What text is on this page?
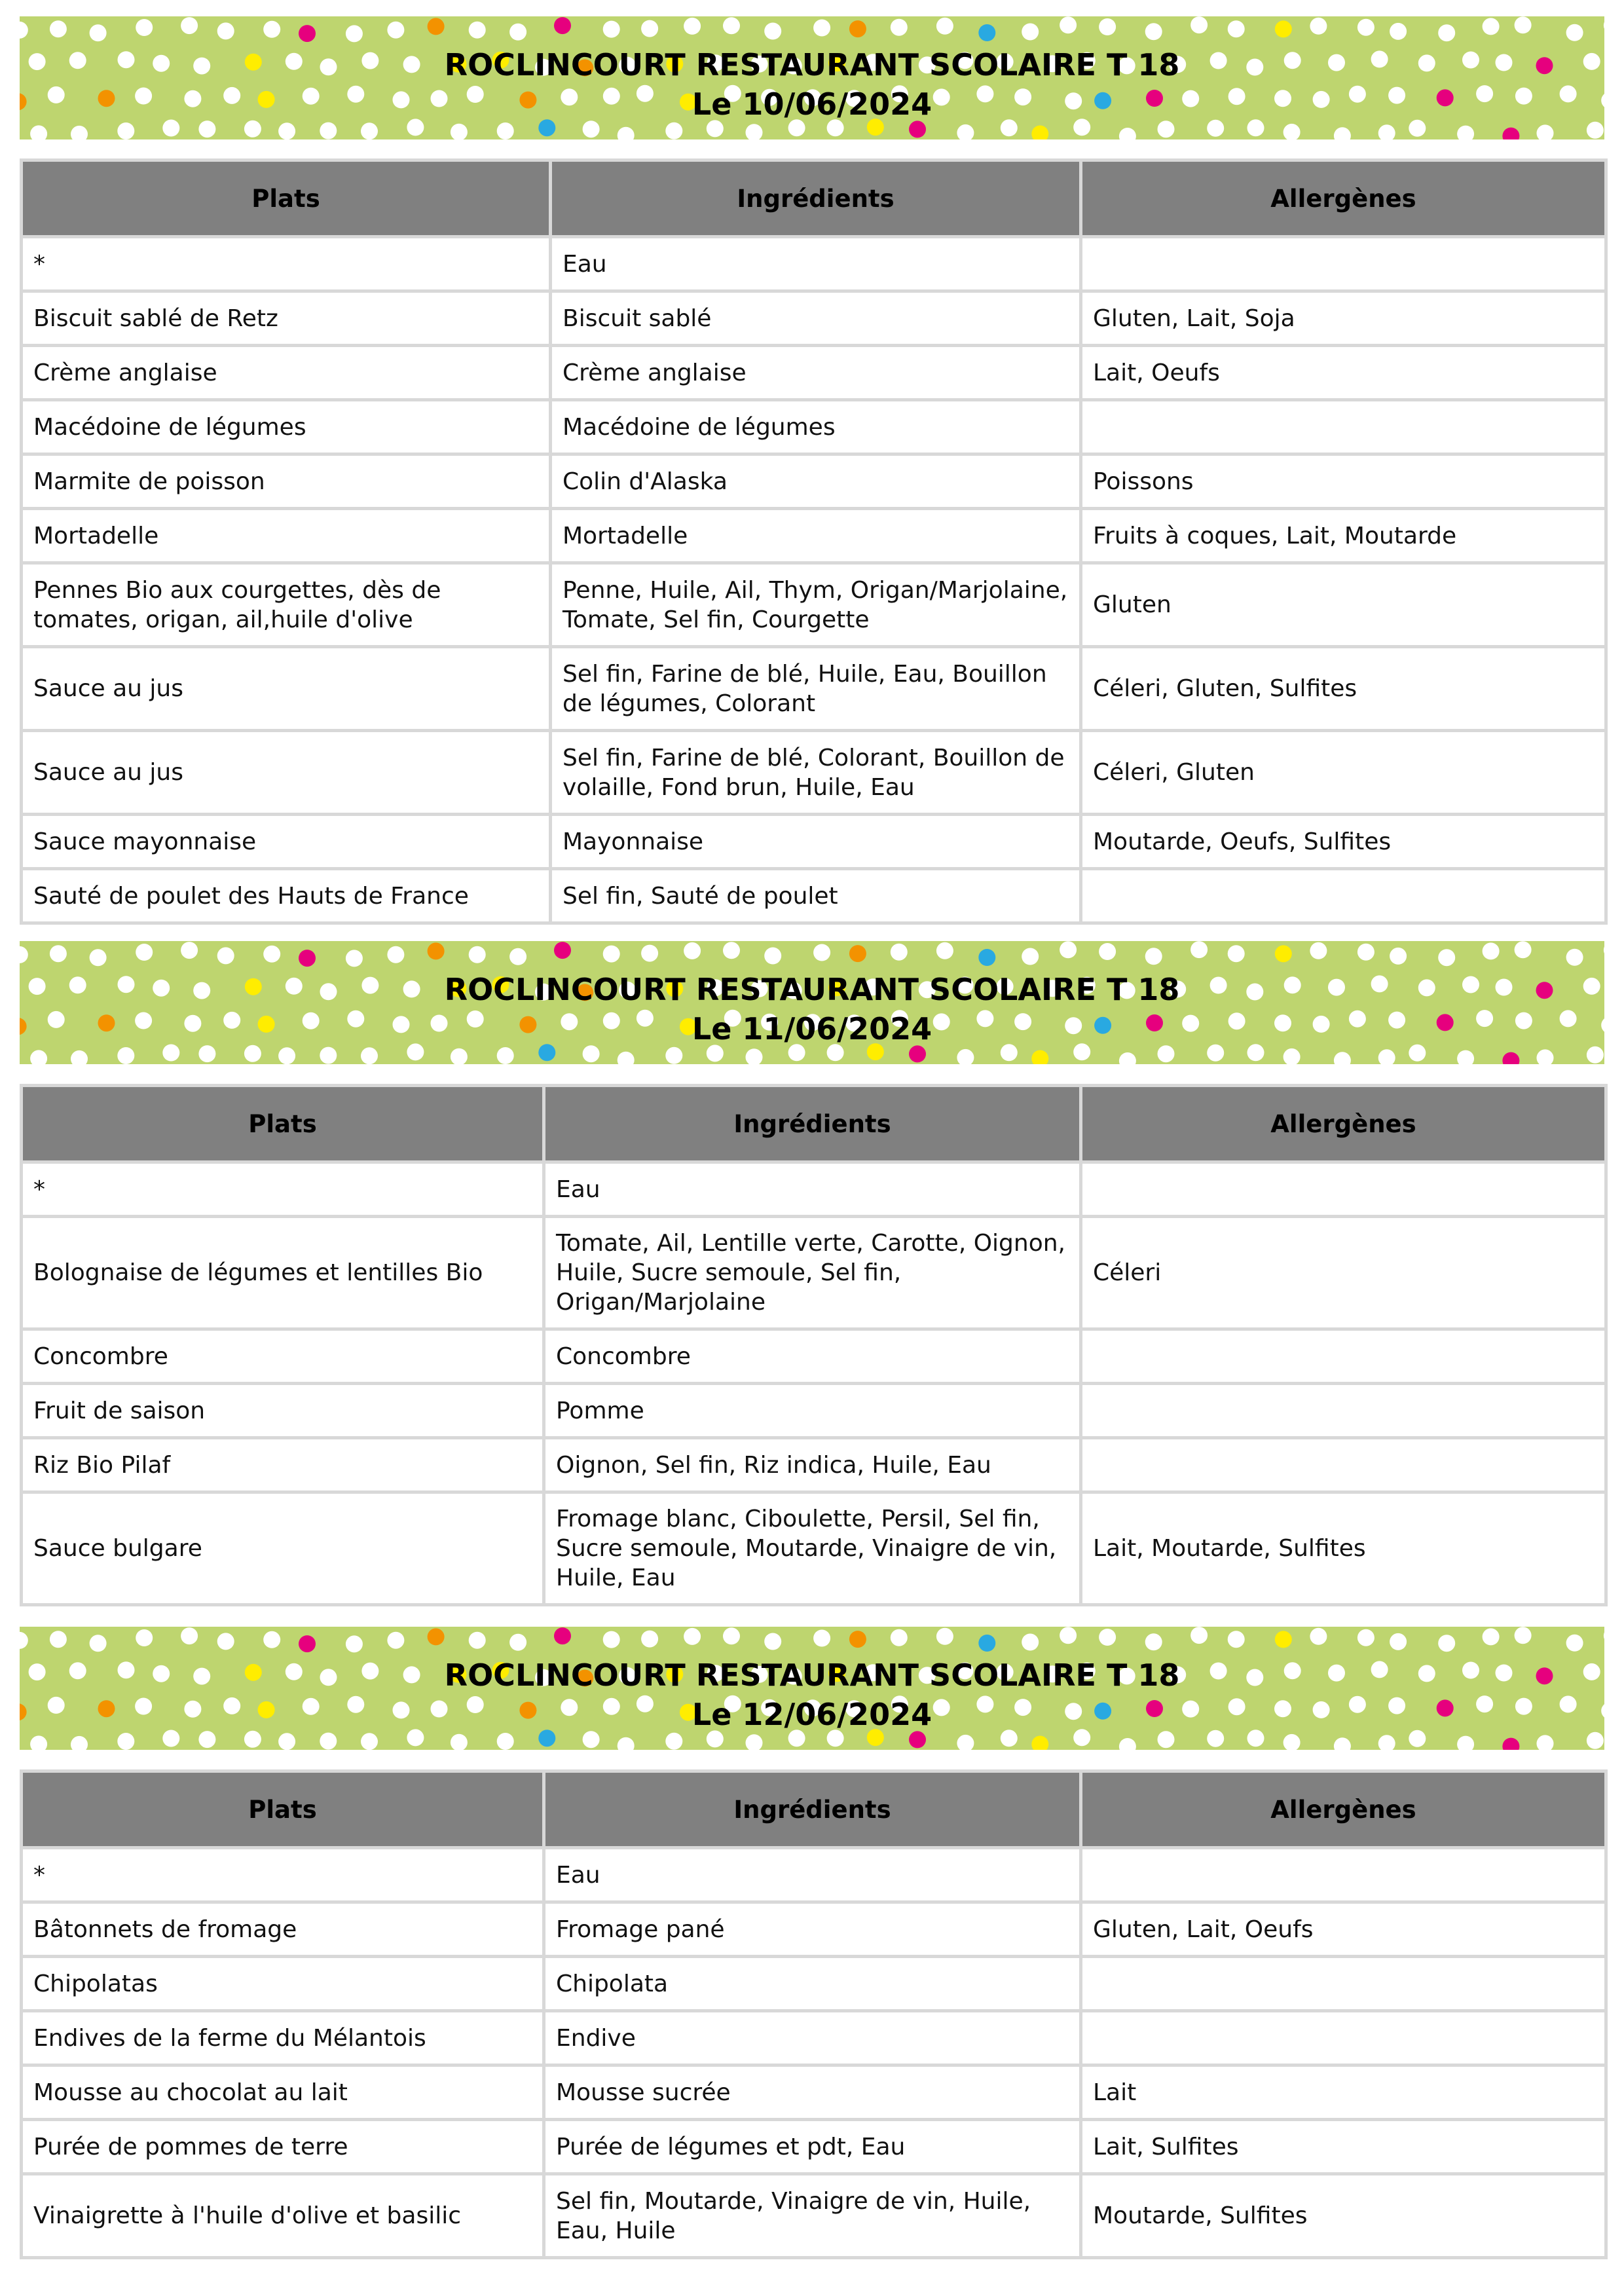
ROCLINCOURT RESTAURANT SCOLAIRE T 18
Le 10/06/2024
Plats	Ingrédients	Allergènes
*	Eau	
Biscuit sablé de Retz	Biscuit sablé	Gluten, Lait, Soja
Crème anglaise	Crème anglaise	Lait, Oeufs
Macédoine de légumes	Macédoine de légumes	
Marmite de poisson	Colin d'Alaska	Poissons
Mortadelle	Mortadelle	Fruits à coques, Lait, Moutarde
Pennes Bio aux courgettes, dès de tomates, origan, ail,huile d'olive	Penne, Huile, Ail, Thym, Origan/Marjolaine, Tomate, Sel fin, Courgette	Gluten
Sauce au jus	Sel fin, Farine de blé, Huile, Eau, Bouillon de légumes, Colorant	Céleri, Gluten, Sulfites
Sauce au jus	Sel fin, Farine de blé, Colorant, Bouillon de volaille, Fond brun, Huile, Eau	Céleri, Gluten
Sauce mayonnaise	Mayonnaise	Moutarde, Oeufs, Sulfites
Sauté de poulet des Hauts de France	Sel fin, Sauté de poulet	
ROCLINCOURT RESTAURANT SCOLAIRE T 18
Le 11/06/2024
Plats	Ingrédients	Allergènes
*	Eau	
Bolognaise de légumes et lentilles Bio	Tomate, Ail, Lentille verte, Carotte, Oignon, Huile, Sucre semoule, Sel fin, Origan/Marjolaine	Céleri
Concombre	Concombre	
Fruit de saison	Pomme	
Riz Bio Pilaf	Oignon, Sel fin, Riz indica, Huile, Eau	
Sauce bulgare	Fromage blanc, Ciboulette, Persil, Sel fin, Sucre semoule, Moutarde, Vinaigre de vin, Huile, Eau	Lait, Moutarde, Sulfites
ROCLINCOURT RESTAURANT SCOLAIRE T 18
Le 12/06/2024
Plats	Ingrédients	Allergènes
*	Eau	
Bâtonnets de fromage	Fromage pané	Gluten, Lait, Oeufs
Chipolatas	Chipolata	
Endives de la ferme du Mélantois	Endive	
Mousse au chocolat au lait	Mousse sucrée	Lait
Purée de pommes de terre	Purée de légumes et pdt, Eau	Lait, Sulfites
Vinaigrette à l'huile d'olive et basilic	Sel fin, Moutarde, Vinaigre de vin, Huile, Eau, Huile	Moutarde, Sulfites
